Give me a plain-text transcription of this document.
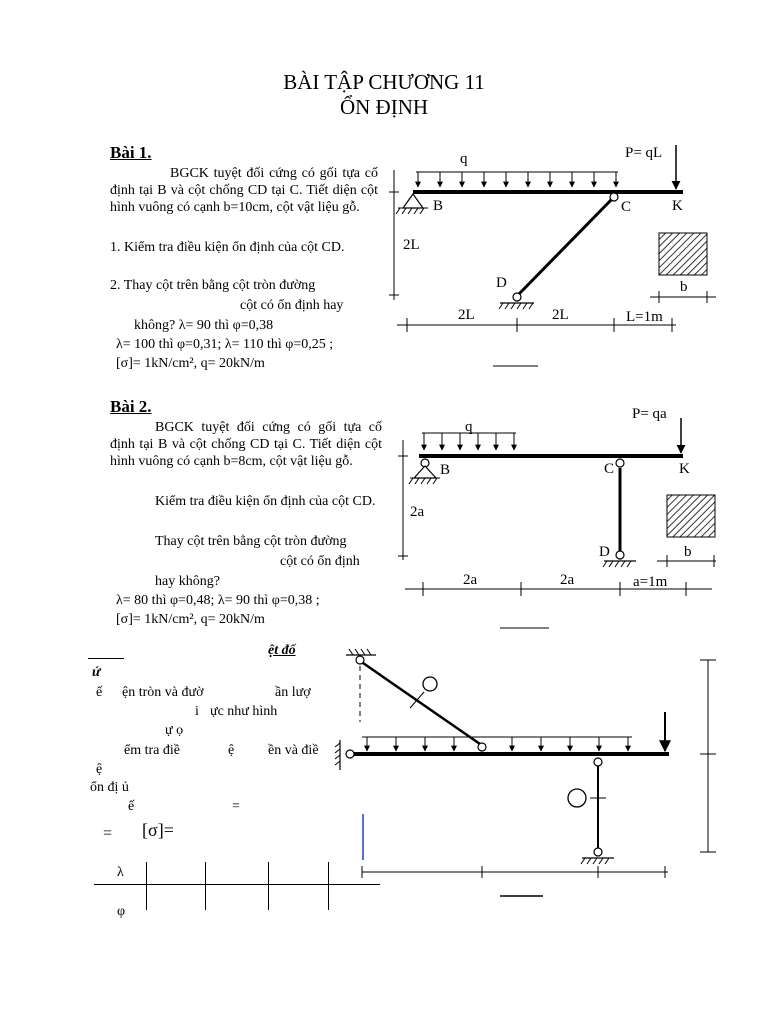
BÀI TẬP CHƯƠNG 11
ỔN ĐỊNH
Bài 1.
BGCK tuyệt đối cứng có gối tựa cố định tại B và cột chống CD tại C. Tiết diện cột hình vuông có cạnh b=10cm, cột vật liệu gỗ.
1. Kiểm tra điều kiện ổn định của cột CD.
2. Thay cột trên bằng cột tròn đường
cột có ổn định hay
không? λ= 90 thì φ=0,38
λ= 100 thì φ=0,31; λ= 110 thì φ=0,25 ;
[σ]= 1kN/cm², q= 20kN/m
Bài 2.
BGCK tuyệt đối cứng có gối tựa cố định tại B và cột chống CD tại C. Tiết diện cột hình vuông có cạnh b=8cm, cột vật liệu gỗ.
Kiểm tra điều kiện ổn định của cột CD.
Thay cột trên bằng cột tròn đường
cột có ổn định
hay không?
λ= 80 thì φ=0,48; λ= 90 thì φ=0,38 ;
[σ]= 1kN/cm², q= 20kN/m
ệt đố
ứ
ế ện tròn và đườ	ần lượ
i ực như hình
ự ọ
ểm tra điề	ệ ền và điề
ệ
ổn đị ủ
ế	=
= [σ]=
λ
φ
q	P= qL
B	C	K
D
2L
2L	2L	L=1m
b
q
P= qa
B	C	K
D
2a
2a	2a	a=1m
b
